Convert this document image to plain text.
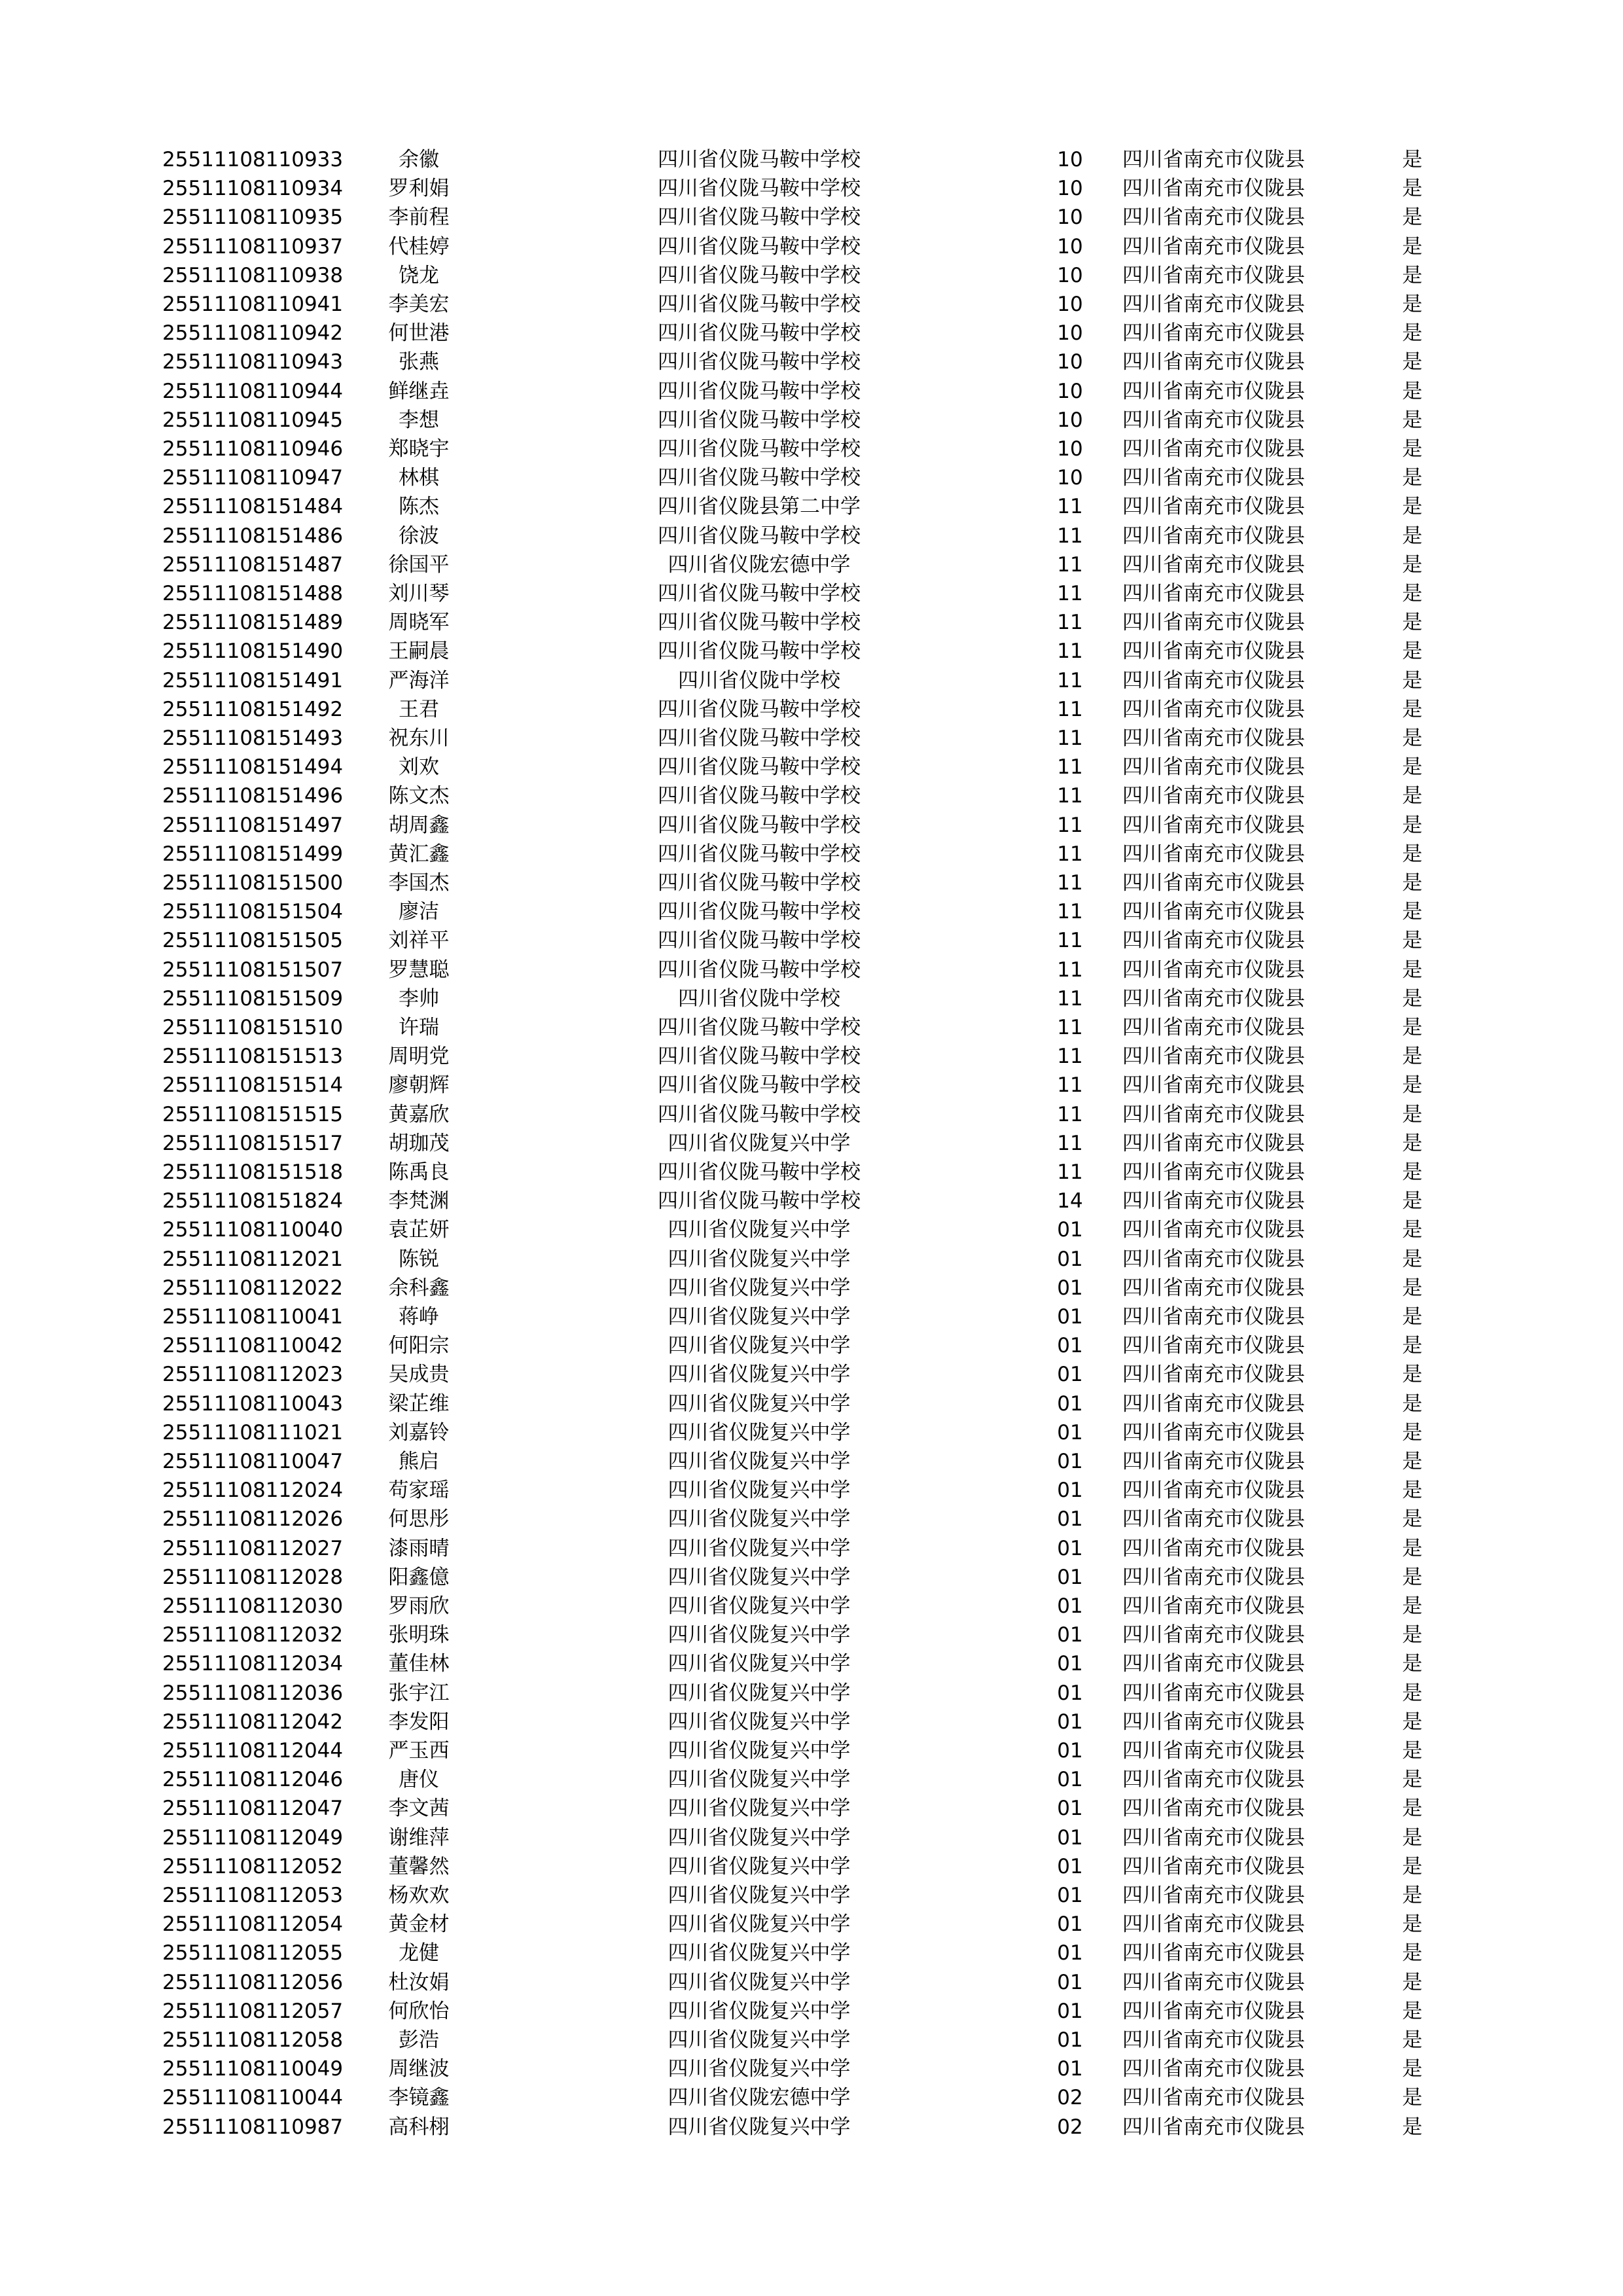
25511108110933	余徽	四川省仪陇马鞍中学校	10	四川省南充市仪陇县	是
25511108110934	罗利娟	四川省仪陇马鞍中学校	10	四川省南充市仪陇县	是
25511108110935	李前程	四川省仪陇马鞍中学校	10	四川省南充市仪陇县	是
25511108110937	代桂婷	四川省仪陇马鞍中学校	10	四川省南充市仪陇县	是
25511108110938	饶龙	四川省仪陇马鞍中学校	10	四川省南充市仪陇县	是
25511108110941	李美宏	四川省仪陇马鞍中学校	10	四川省南充市仪陇县	是
25511108110942	何世港	四川省仪陇马鞍中学校	10	四川省南充市仪陇县	是
25511108110943	张燕	四川省仪陇马鞍中学校	10	四川省南充市仪陇县	是
25511108110944	鲜继垚	四川省仪陇马鞍中学校	10	四川省南充市仪陇县	是
25511108110945	李想	四川省仪陇马鞍中学校	10	四川省南充市仪陇县	是
25511108110946	郑晓宇	四川省仪陇马鞍中学校	10	四川省南充市仪陇县	是
25511108110947	林棋	四川省仪陇马鞍中学校	10	四川省南充市仪陇县	是
25511108151484	陈杰	四川省仪陇县第二中学	11	四川省南充市仪陇县	是
25511108151486	徐波	四川省仪陇马鞍中学校	11	四川省南充市仪陇县	是
25511108151487	徐国平	四川省仪陇宏德中学	11	四川省南充市仪陇县	是
25511108151488	刘川琴	四川省仪陇马鞍中学校	11	四川省南充市仪陇县	是
25511108151489	周晓军	四川省仪陇马鞍中学校	11	四川省南充市仪陇县	是
25511108151490	王嗣晨	四川省仪陇马鞍中学校	11	四川省南充市仪陇县	是
25511108151491	严海洋	四川省仪陇中学校	11	四川省南充市仪陇县	是
25511108151492	王君	四川省仪陇马鞍中学校	11	四川省南充市仪陇县	是
25511108151493	祝东川	四川省仪陇马鞍中学校	11	四川省南充市仪陇县	是
25511108151494	刘欢	四川省仪陇马鞍中学校	11	四川省南充市仪陇县	是
25511108151496	陈文杰	四川省仪陇马鞍中学校	11	四川省南充市仪陇县	是
25511108151497	胡周鑫	四川省仪陇马鞍中学校	11	四川省南充市仪陇县	是
25511108151499	黄汇鑫	四川省仪陇马鞍中学校	11	四川省南充市仪陇县	是
25511108151500	李国杰	四川省仪陇马鞍中学校	11	四川省南充市仪陇县	是
25511108151504	廖洁	四川省仪陇马鞍中学校	11	四川省南充市仪陇县	是
25511108151505	刘祥平	四川省仪陇马鞍中学校	11	四川省南充市仪陇县	是
25511108151507	罗慧聪	四川省仪陇马鞍中学校	11	四川省南充市仪陇县	是
25511108151509	李帅	四川省仪陇中学校	11	四川省南充市仪陇县	是
25511108151510	许瑞	四川省仪陇马鞍中学校	11	四川省南充市仪陇县	是
25511108151513	周明党	四川省仪陇马鞍中学校	11	四川省南充市仪陇县	是
25511108151514	廖朝辉	四川省仪陇马鞍中学校	11	四川省南充市仪陇县	是
25511108151515	黄嘉欣	四川省仪陇马鞍中学校	11	四川省南充市仪陇县	是
25511108151517	胡珈茂	四川省仪陇复兴中学	11	四川省南充市仪陇县	是
25511108151518	陈禹良	四川省仪陇马鞍中学校	11	四川省南充市仪陇县	是
25511108151824	李梵渊	四川省仪陇马鞍中学校	14	四川省南充市仪陇县	是
25511108110040	袁芷妍	四川省仪陇复兴中学	01	四川省南充市仪陇县	是
25511108112021	陈锐	四川省仪陇复兴中学	01	四川省南充市仪陇县	是
25511108112022	余科鑫	四川省仪陇复兴中学	01	四川省南充市仪陇县	是
25511108110041	蒋峥	四川省仪陇复兴中学	01	四川省南充市仪陇县	是
25511108110042	何阳宗	四川省仪陇复兴中学	01	四川省南充市仪陇县	是
25511108112023	吴成贵	四川省仪陇复兴中学	01	四川省南充市仪陇县	是
25511108110043	梁芷维	四川省仪陇复兴中学	01	四川省南充市仪陇县	是
25511108111021	刘嘉铃	四川省仪陇复兴中学	01	四川省南充市仪陇县	是
25511108110047	熊启	四川省仪陇复兴中学	01	四川省南充市仪陇县	是
25511108112024	苟家瑶	四川省仪陇复兴中学	01	四川省南充市仪陇县	是
25511108112026	何思彤	四川省仪陇复兴中学	01	四川省南充市仪陇县	是
25511108112027	漆雨晴	四川省仪陇复兴中学	01	四川省南充市仪陇县	是
25511108112028	阳鑫億	四川省仪陇复兴中学	01	四川省南充市仪陇县	是
25511108112030	罗雨欣	四川省仪陇复兴中学	01	四川省南充市仪陇县	是
25511108112032	张明珠	四川省仪陇复兴中学	01	四川省南充市仪陇县	是
25511108112034	董佳林	四川省仪陇复兴中学	01	四川省南充市仪陇县	是
25511108112036	张宇江	四川省仪陇复兴中学	01	四川省南充市仪陇县	是
25511108112042	李发阳	四川省仪陇复兴中学	01	四川省南充市仪陇县	是
25511108112044	严玉西	四川省仪陇复兴中学	01	四川省南充市仪陇县	是
25511108112046	唐仪	四川省仪陇复兴中学	01	四川省南充市仪陇县	是
25511108112047	李文茜	四川省仪陇复兴中学	01	四川省南充市仪陇县	是
25511108112049	谢维萍	四川省仪陇复兴中学	01	四川省南充市仪陇县	是
25511108112052	董馨然	四川省仪陇复兴中学	01	四川省南充市仪陇县	是
25511108112053	杨欢欢	四川省仪陇复兴中学	01	四川省南充市仪陇县	是
25511108112054	黄金材	四川省仪陇复兴中学	01	四川省南充市仪陇县	是
25511108112055	龙健	四川省仪陇复兴中学	01	四川省南充市仪陇县	是
25511108112056	杜汝娟	四川省仪陇复兴中学	01	四川省南充市仪陇县	是
25511108112057	何欣怡	四川省仪陇复兴中学	01	四川省南充市仪陇县	是
25511108112058	彭浩	四川省仪陇复兴中学	01	四川省南充市仪陇县	是
25511108110049	周继波	四川省仪陇复兴中学	01	四川省南充市仪陇县	是
25511108110044	李镜鑫	四川省仪陇宏德中学	02	四川省南充市仪陇县	是
25511108110987	高科栩	四川省仪陇复兴中学	02	四川省南充市仪陇县	是
